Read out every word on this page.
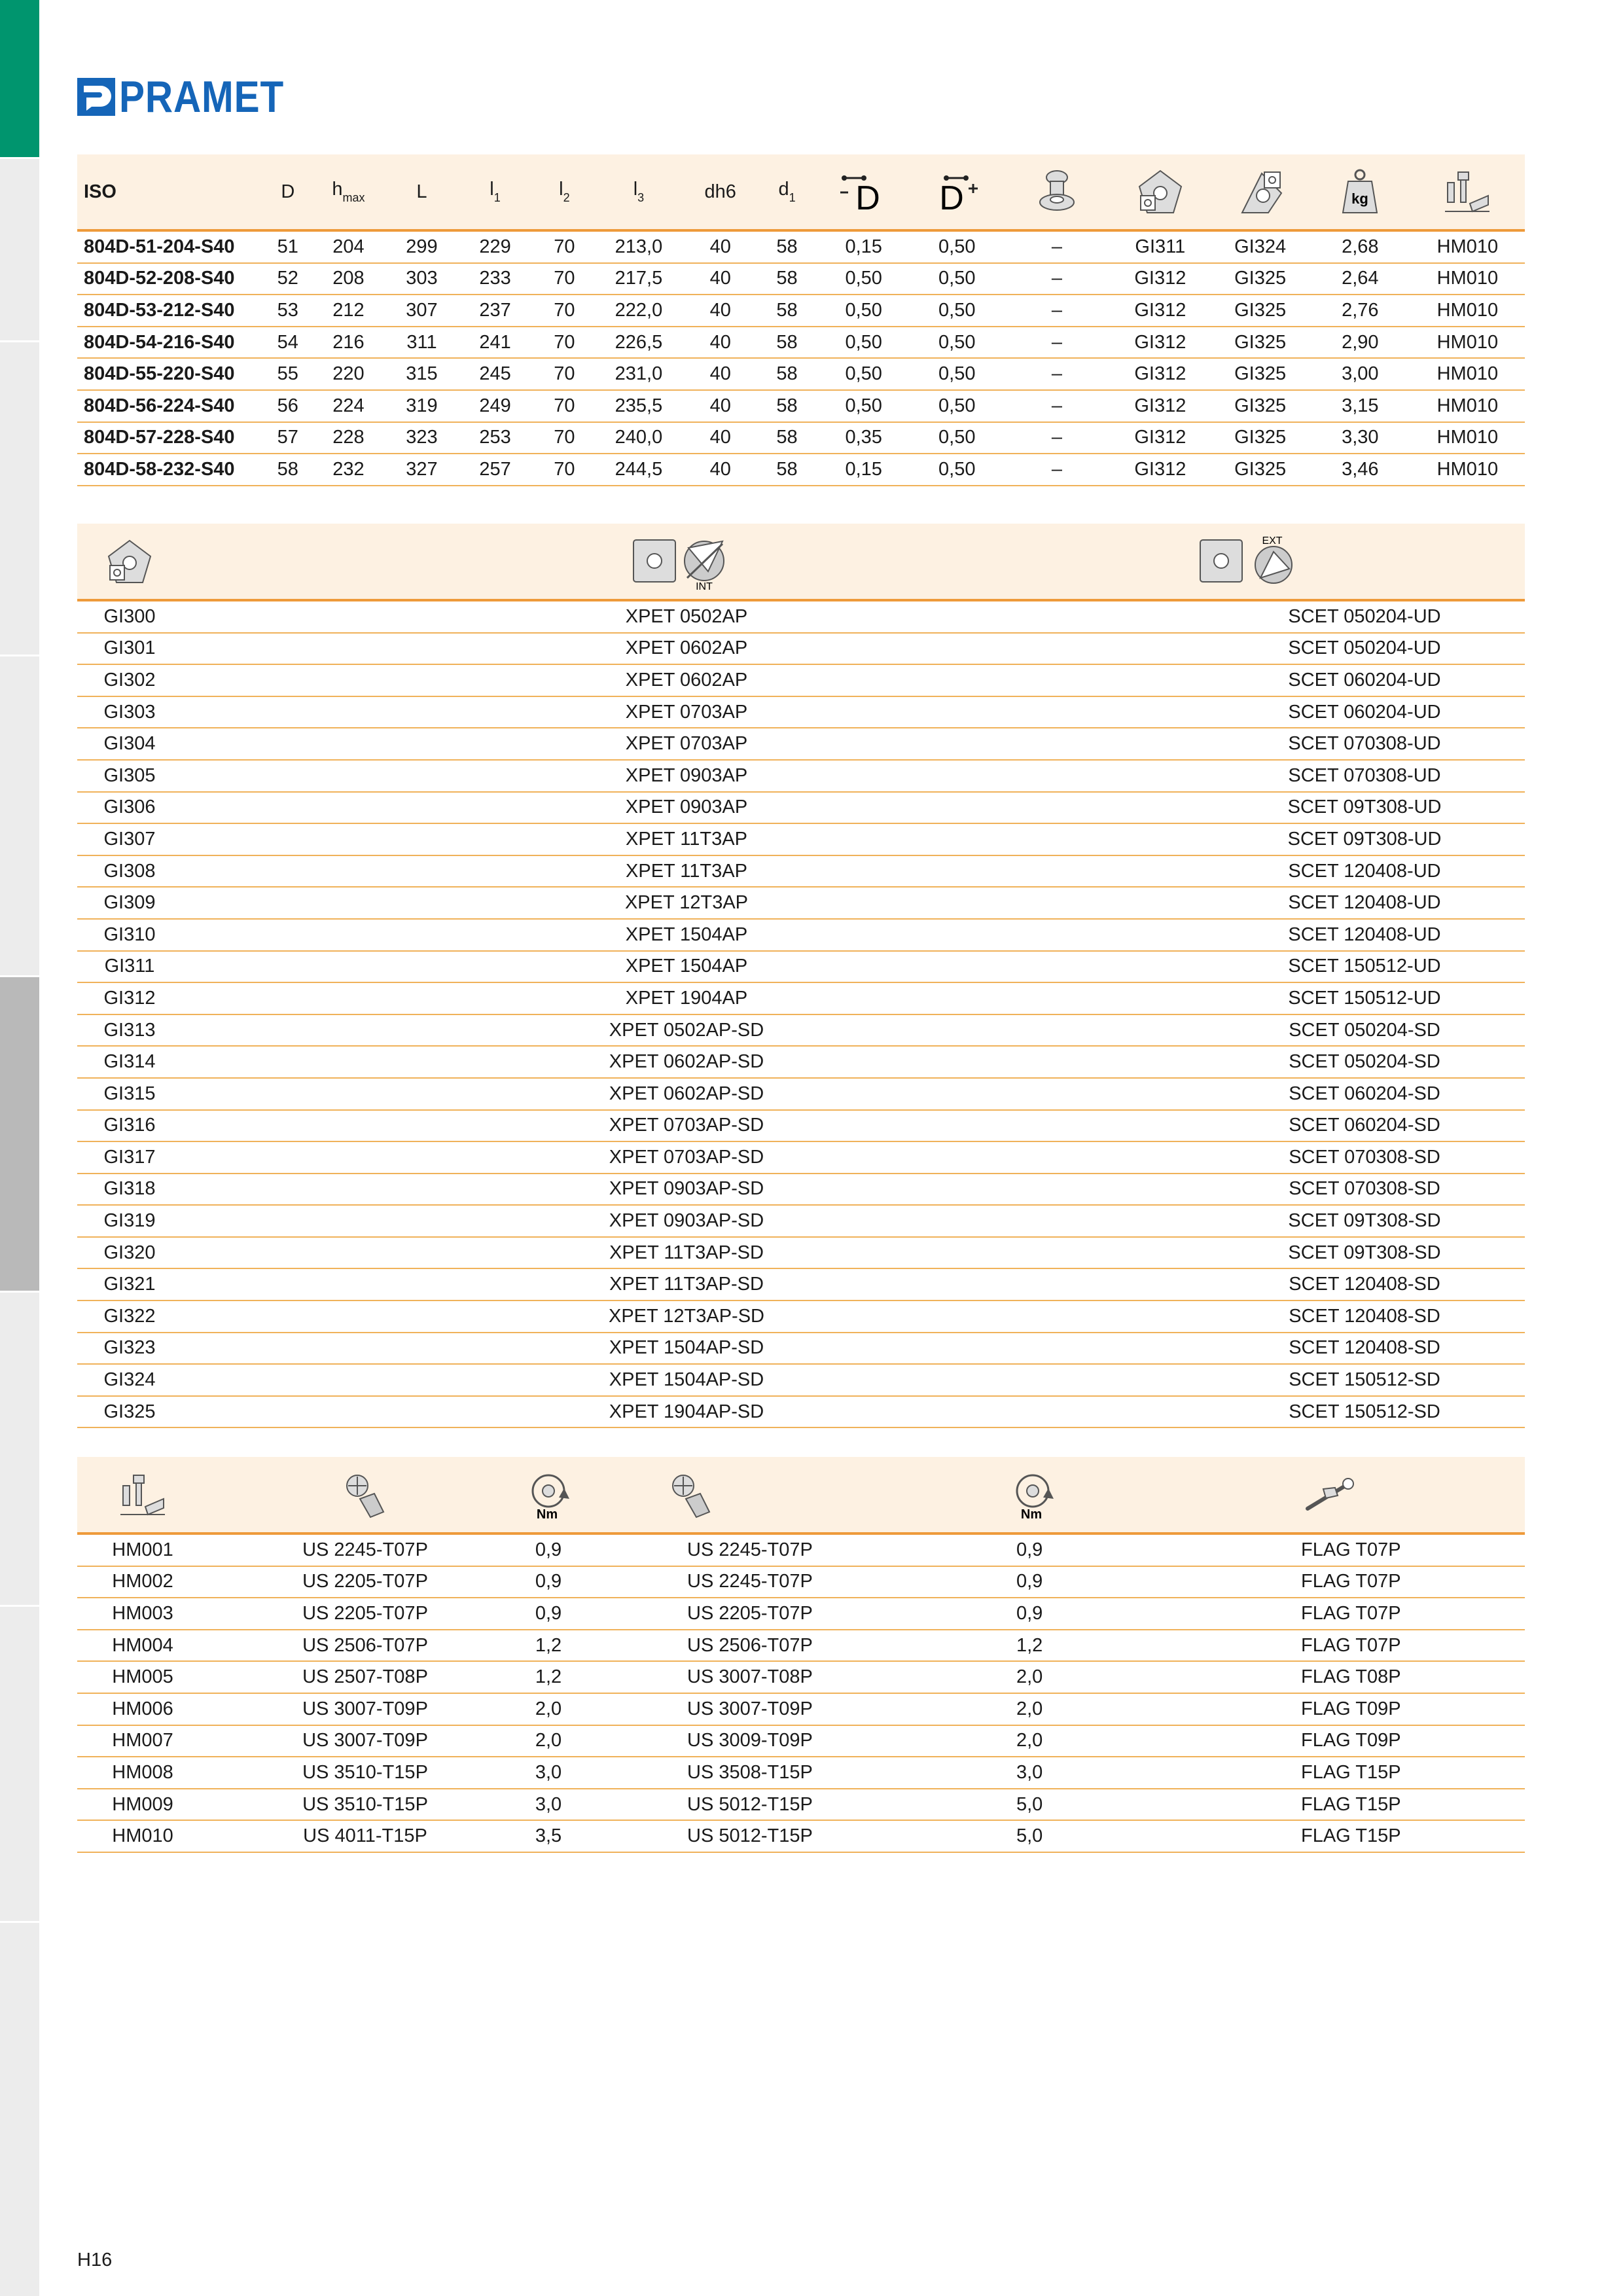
PRAMET
ISO	D	$h_{max}$	L	$l_1$	$l_2$	$l_3$	dh6	$d_1$	D	D				kg

804D-51-204-S40	51	204	299	229	70	213,0	40	58	0,15	0,50	–	GI311	GI324	2,68	HM010
804D-52-208-S40	52	208	303	233	70	217,5	40	58	0,50	0,50	–	GI312	GI325	2,64	HM010
804D-53-212-S40	53	212	307	237	70	222,0	40	58	0,50	0,50	–	GI312	GI325	2,76	HM010
804D-54-216-S40	54	216	311	241	70	226,5	40	58	0,50	0,50	–	GI312	GI325	2,90	HM010
804D-55-220-S40	55	220	315	245	70	231,0	40	58	0,50	0,50	–	GI312	GI325	3,00	HM010
804D-56-224-S40	56	224	319	249	70	235,5	40	58	0,50	0,50	–	GI312	GI325	3,15	HM010
804D-57-228-S40	57	228	323	253	70	240,0	40	58	0,35	0,50	–	GI312	GI325	3,30	HM010
804D-58-232-S40	58	232	327	257	70	244,5	40	58	0,15	0,50	–	GI312	GI325	3,46	HM010

INT		EXT

GI300		XPET 0502AP		SCET 050204-UD
GI301		XPET 0602AP		SCET 050204-UD
GI302		XPET 0602AP		SCET 060204-UD
GI303		XPET 0703AP		SCET 060204-UD
GI304		XPET 0703AP		SCET 070308-UD
GI305		XPET 0903AP		SCET 070308-UD
GI306		XPET 0903AP		SCET 09T308-UD
GI307		XPET 11T3AP		SCET 09T308-UD
GI308		XPET 11T3AP		SCET 120408-UD
GI309		XPET 12T3AP		SCET 120408-UD
GI310		XPET 1504AP		SCET 120408-UD
GI311		XPET 1504AP		SCET 150512-UD
GI312		XPET 1904AP		SCET 150512-UD
GI313		XPET 0502AP-SD		SCET 050204-SD
GI314		XPET 0602AP-SD		SCET 050204-SD
GI315		XPET 0602AP-SD		SCET 060204-SD
GI316		XPET 0703AP-SD		SCET 060204-SD
GI317		XPET 0703AP-SD		SCET 070308-SD
GI318		XPET 0903AP-SD		SCET 070308-SD
GI319		XPET 0903AP-SD		SCET 09T308-SD
GI320		XPET 11T3AP-SD		SCET 09T308-SD
GI321		XPET 11T3AP-SD		SCET 120408-SD
GI322		XPET 12T3AP-SD		SCET 120408-SD
GI323		XPET 1504AP-SD		SCET 120408-SD
GI324		XPET 1504AP-SD		SCET 150512-SD
GI325		XPET 1904AP-SD		SCET 150512-SD

Nm		Nm

HM001	US 2245-T07P	0,9	US 2245-T07P	0,9	FLAG T07P
HM002	US 2205-T07P	0,9	US 2245-T07P	0,9	FLAG T07P
HM003	US 2205-T07P	0,9	US 2205-T07P	0,9	FLAG T07P
HM004	US 2506-T07P	1,2	US 2506-T07P	1,2	FLAG T07P
HM005	US 2507-T08P	1,2	US 3007-T08P	2,0	FLAG T08P
HM006	US 3007-T09P	2,0	US 3007-T09P	2,0	FLAG T09P
HM007	US 3007-T09P	2,0	US 3009-T09P	2,0	FLAG T09P
HM008	US 3510-T15P	3,0	US 3508-T15P	3,0	FLAG T15P
HM009	US 3510-T15P	3,0	US 5012-T15P	5,0	FLAG T15P
HM010	US 4011-T15P	3,5	US 5012-T15P	5,0	FLAG T15P
H16
